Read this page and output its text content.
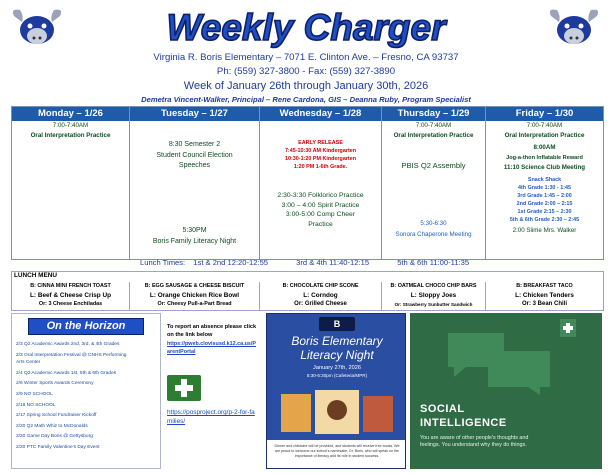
Weekly Charger
Virginia R. Boris Elementary – 7071 E. Clinton Ave. – Fresno, CA 93737
Ph: (559) 327-3800 - Fax: (559) 327-3890
Week of January 26th through January 30th, 2026
Demetra Vincent-Walker, Principal – Rene Cardona, GIS – Deanna Ruby, Program Specialist
Monday – 1/26
7:00-7:40AM
Oral Interpretation Practice
Tuesday – 1/27
8:30 Semester 2
Student Council Election Speeches
5:30PM
Boris Family Literacy Night
Wednesday – 1/28
EARLY RELEASE
7:45-10:30 AM Kindergarten
10:30-1:20 PM Kindergarten
1:20 PM 1-6th Grade.
2:30-3:30 Folklorico Practice
3:00 – 4:00 Spirit Practice
3:00-5:00 Comp Cheer Practice
Thursday – 1/29
7:00-7:40AM
Oral Interpretation Practice
PBIS Q2 Assembly
5:30-6:30
Sonora Chaperone Meeting
Friday – 1/30
7:00-7:40AM
Oral Interpretation Practice
8:00AM
Jog-a-thon Inflatable Reward
11:10 Science Club Meeting
Snack Shack
4th Grade 1:30 - 1:45
3rd Grade 1:45 – 2:00
2nd Grade 2:00 – 2:15
1st Grade 2:15 – 2:30
5th & 6th Grade 2:30 – 2:45
2:00 Slime Mrs. Walker
Lunch Times: 1st & 2nd 12:20-12:55	3rd & 4th 11:40-12:15	5th & 6th 11:00-11:35
LUNCH MENU
B: CINNA MINI FRENCH TOAST
L: Beef & Cheese Crisp Up
Or: 3 Cheese Enchiladas
B: EGG SAUSAGE & CHEESE BISCUIT
L: Orange Chicken Rice Bowl
Or: Cheesy Pull-a-Part Bread
B: CHOCOLATE CHIP SCONE
L: Corndog
Or: Grilled Cheese
B: OATMEAL CHOCO CHIP BARS
L: Sloppy Joes
Or: Strawberry Sunbutter Sandwich
B: BREAKFAST TACO
L: Chicken Tenders
Or: 3 Bean Chili
On the Horizon
2/3 Q2 Academic Awards 2nd, 3rd, & 4th Grades
2/3 Oral Interpretation Festival @ CNHS Performing Arts Center
2/4 Q2 Academic Awards 1st, 5th & 6th Grades
2/6 Winter Sports Awards Ceremony
2/9 NO SCHOOL
2/16 NO SCHOOL
2/17 Spring School Fundraiser Kickoff
2/20 Q2 Math Whiz to McDonalds
2/20 Game Day Boris @ Gettysburg
2/20 PTC Family Valentine's Day Event
To report an absence please click on the link below
https://pweb.clovisusd.k12.ca.us/ParentPortal
https://posproject.org/p-2-for-families/
B
Boris Elementary
Literacy Night
January 27th, 2026
5:30-6:30pm (Cafeteria/MPR)
Dinner and childcare will be provided, and students will receive free books. We are proud to welcome our school's namesake, Dr. Boris, who will speak on the importance of literacy and its role in student success.
SOCIAL
INTELLIGENCE
You are aware of other people's thoughts and feelings. You understand why they do things.
